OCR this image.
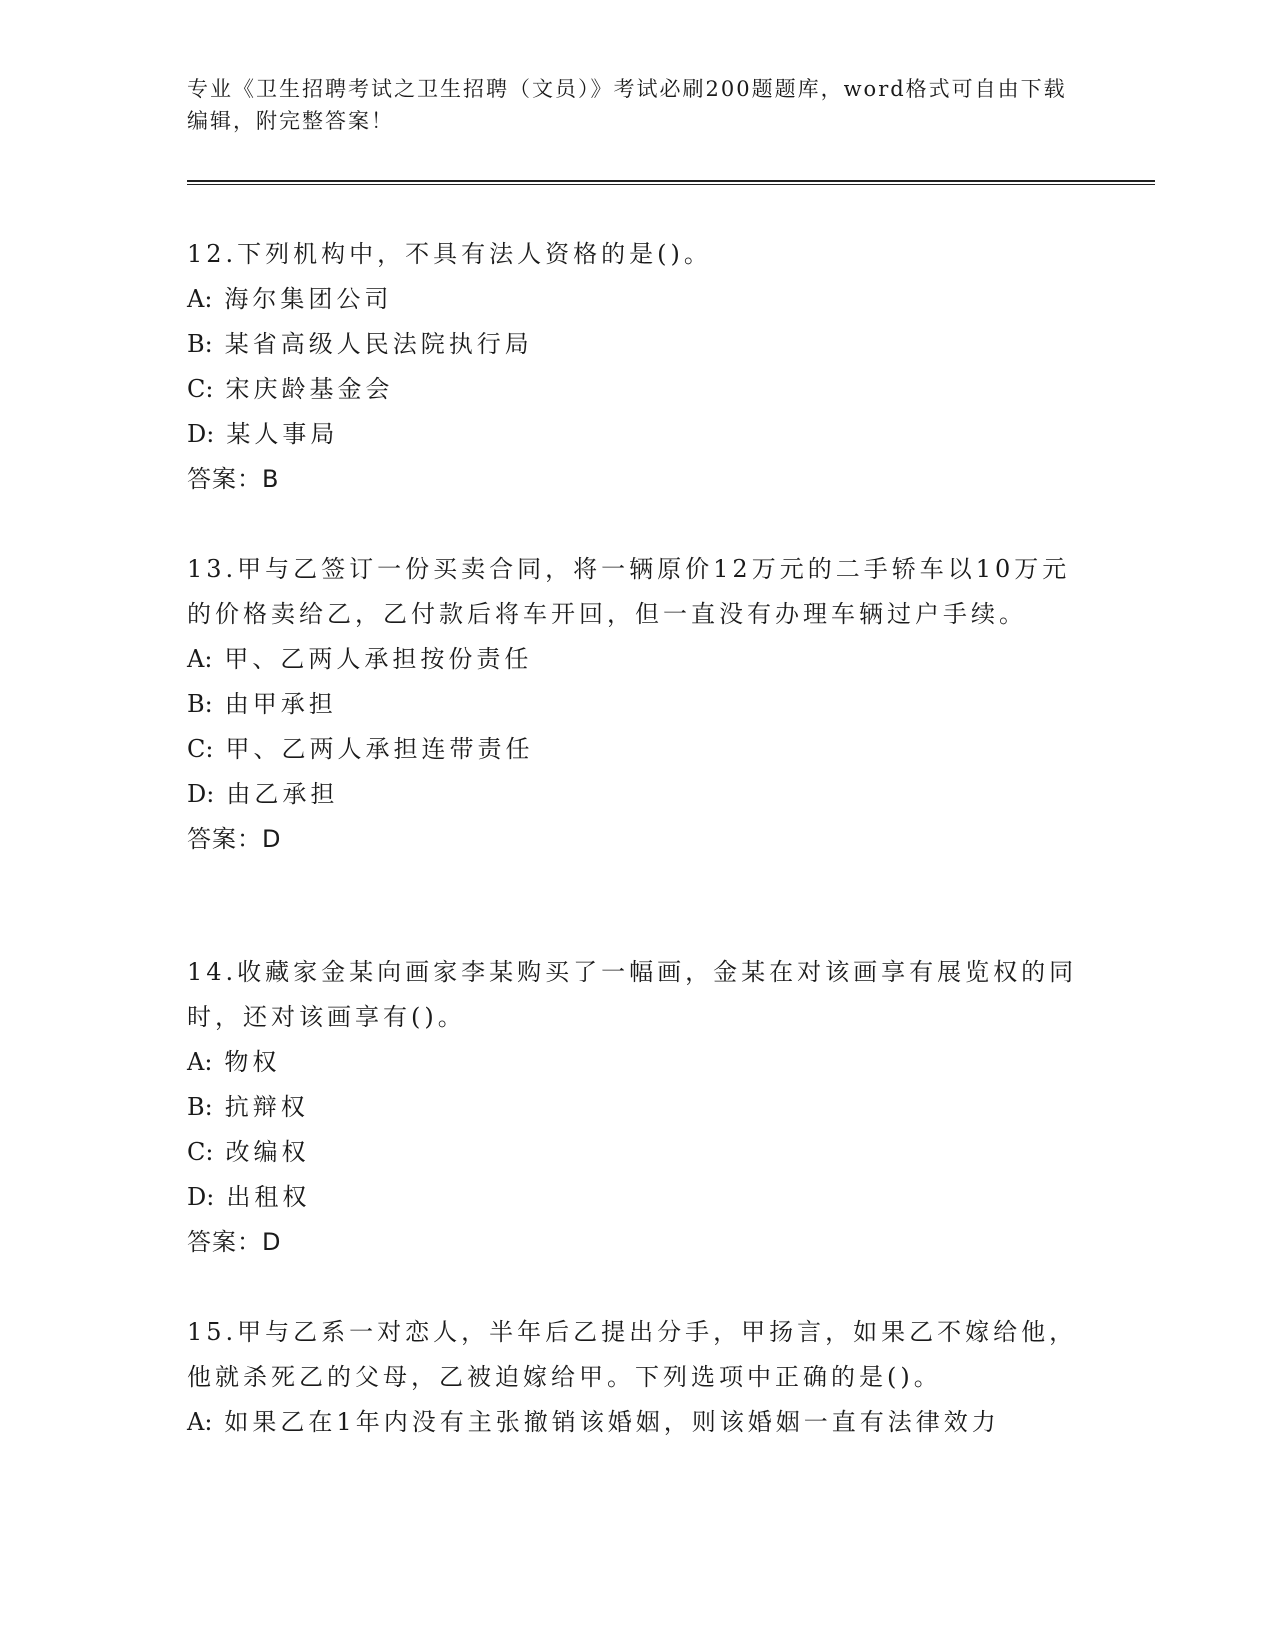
专业《卫生招聘考试之卫生招聘（文员）》考试必刷200题题库，word格式可自由下载编辑，附完整答案！

12.下列机构中，不具有法人资格的是()。

A: 海尔集团公司

B: 某省高级人民法院执行局

C: 宋庆龄基金会

D: 某人事局

答案：B

13.甲与乙签订一份买卖合同，将一辆原价12万元的二手轿车以10万元的价格卖给乙，乙付款后将车开回，但一直没有办理车辆过户手续。

A: 甲、乙两人承担按份责任

B: 由甲承担

C: 甲、乙两人承担连带责任

D: 由乙承担

答案：D

14.收藏家金某向画家李某购买了一幅画，金某在对该画享有展览权的同时，还对该画享有()。

A: 物权

B: 抗辩权

C: 改编权

D: 出租权

答案：D

15.甲与乙系一对恋人，半年后乙提出分手，甲扬言，如果乙不嫁给他，他就杀死乙的父母，乙被迫嫁给甲。下列选项中正确的是()。

A: 如果乙在1年内没有主张撤销该婚姻，则该婚姻一直有法律效力
